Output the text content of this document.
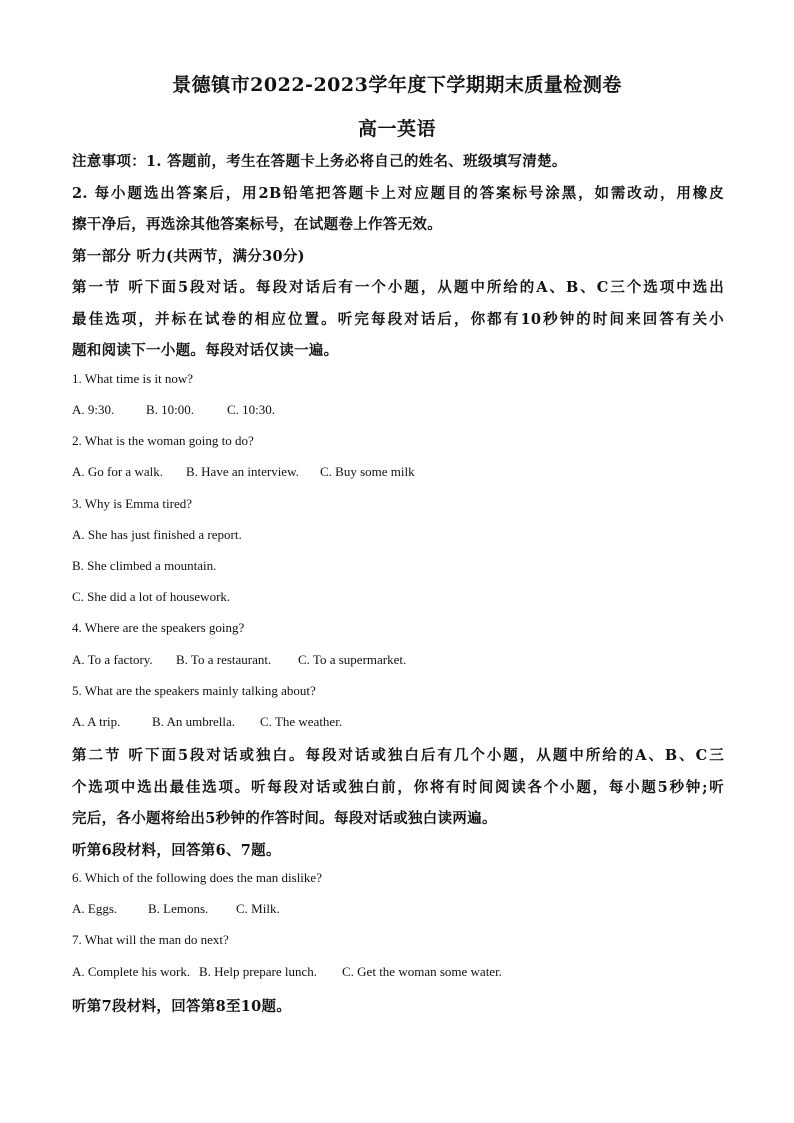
景德镇市2022-2023学年度下学期期末质量检测卷
高一英语
注意事项：1. 答题前，考生在答题卡上务必将自己的姓名、班级填写清楚。
2. 每小题选出答案后，用2B铅笔把答题卡上对应题目的答案标号涂黑，如需改动，用橡皮
擦干净后，再选涂其他答案标号，在试题卷上作答无效。
第一部分 听力(共两节，满分30分)
第一节 听下面5段对话。每段对话后有一个小题，从题中所给的A、B、C三个选项中选出
最佳选项，并标在试卷的相应位置。听完每段对话后，你都有10秒钟的时间来回答有关小
题和阅读下一小题。每段对话仅读一遍。
1. What time is it now?
A. 9:30. B. 10:00.	C. 10:30.
2. What is the woman going to do?
A. Go for a walk. B. Have an interview. C. Buy some milk
3. Why is Emma tired?
A. She has just finished a report.
B. She climbed a mountain.
C. She did a lot of housework.
4. Where are the speakers going?
A. To a factory. B. To a restaurant. C. To a supermarket.
5. What are the speakers mainly talking about?
A. A trip. B. An umbrella. C. The weather.
第二节 听下面5段对话或独白。每段对话或独白后有几个小题，从题中所给的A、B、C三
个选项中选出最佳选项。听每段对话或独白前，你将有时间阅读各个小题，每小题5秒钟;听
完后，各小题将给出5秒钟的作答时间。每段对话或独白读两遍。
听第6段材料，回答第6、7题。
6. Which of the following does the man dislike?
A. Eggs. B. Lemons. C. Milk.
7. What will the man do next?
A. Complete his work. B. Help prepare lunch. C. Get the woman some water.
听第7段材料，回答第8至10题。
